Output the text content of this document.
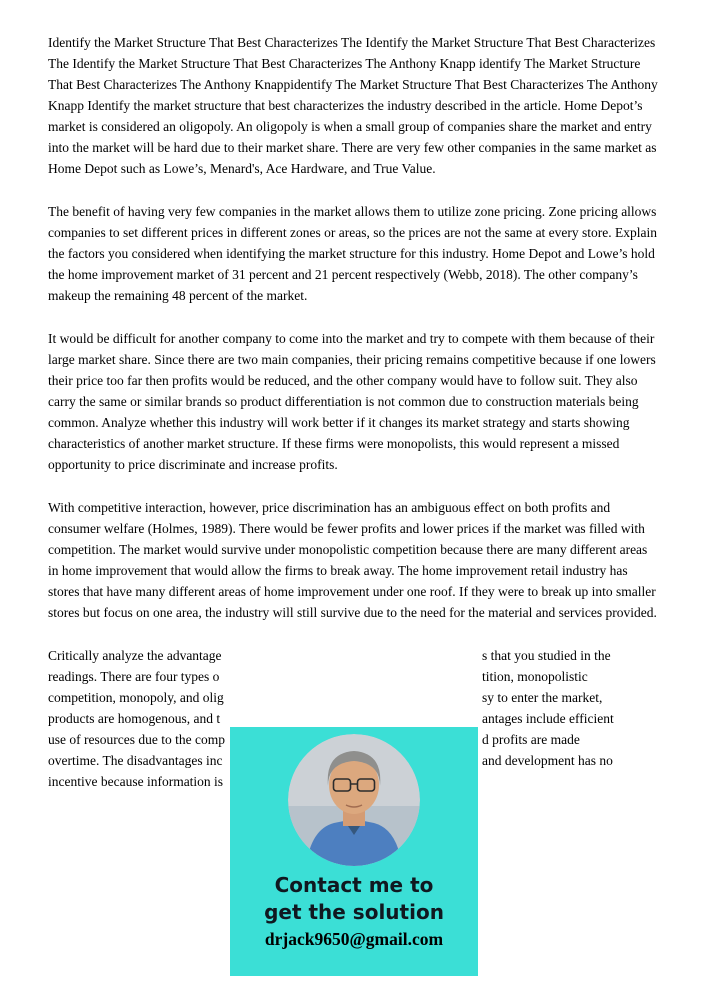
Identify the Market Structure That Best Characterizes The Identify the Market Structure That Best Characterizes The Identify the Market Structure That Best Characterizes The Anthony Knapp identify The Market Structure That Best Characterizes The Anthony Knappidentify The Market Structure That Best Characterizes The Anthony Knapp Identify the market structure that best characterizes the industry described in the article. Home Depot’s market is considered an oligopoly. An oligopoly is when a small group of companies share the market and entry into the market will be hard due to their market share. There are very few other companies in the same market as Home Depot such as Lowe’s, Menard's, Ace Hardware, and True Value.

The benefit of having very few companies in the market allows them to utilize zone pricing. Zone pricing allows companies to set different prices in different zones or areas, so the prices are not the same at every store. Explain the factors you considered when identifying the market structure for this industry. Home Depot and Lowe’s hold the home improvement market of 31 percent and 21 percent respectively (Webb, 2018). The other company’s makeup the remaining 48 percent of the market.

It would be difficult for another company to come into the market and try to compete with them because of their large market share. Since there are two main companies, their pricing remains competitive because if one lowers their price too far then profits would be reduced, and the other company would have to follow suit. They also carry the same or similar brands so product differentiation is not common due to construction materials being common. Analyze whether this industry will work better if it changes its market strategy and starts showing characteristics of another market structure. If these firms were monopolists, this would represent a missed opportunity to price discriminate and increase profits.

With competitive interaction, however, price discrimination has an ambiguous effect on both profits and consumer welfare (Holmes, 1989). There would be fewer profits and lower prices if the market was filled with competition. The market would survive under monopolistic competition because there are many different areas in home improvement that would allow the firms to break away. The home improvement retail industry has stores that have many different areas of home improvement under one roof. If they were to break up into smaller stores but focus on one area, the industry will still survive due to the need for the material and services provided.

Critically analyze the advantage	s that you studied in the
readings. There are four types o	tition, monopolistic
competition, monopoly, and olig	sy to enter the market,
products are homogenous, and t	antages include efficient
use of resources due to the comp	d profits are made
overtime. The disadvantages inc	and development has no
incentive because information is
Contact me to
get the solution
drjack9650@gmail.com
